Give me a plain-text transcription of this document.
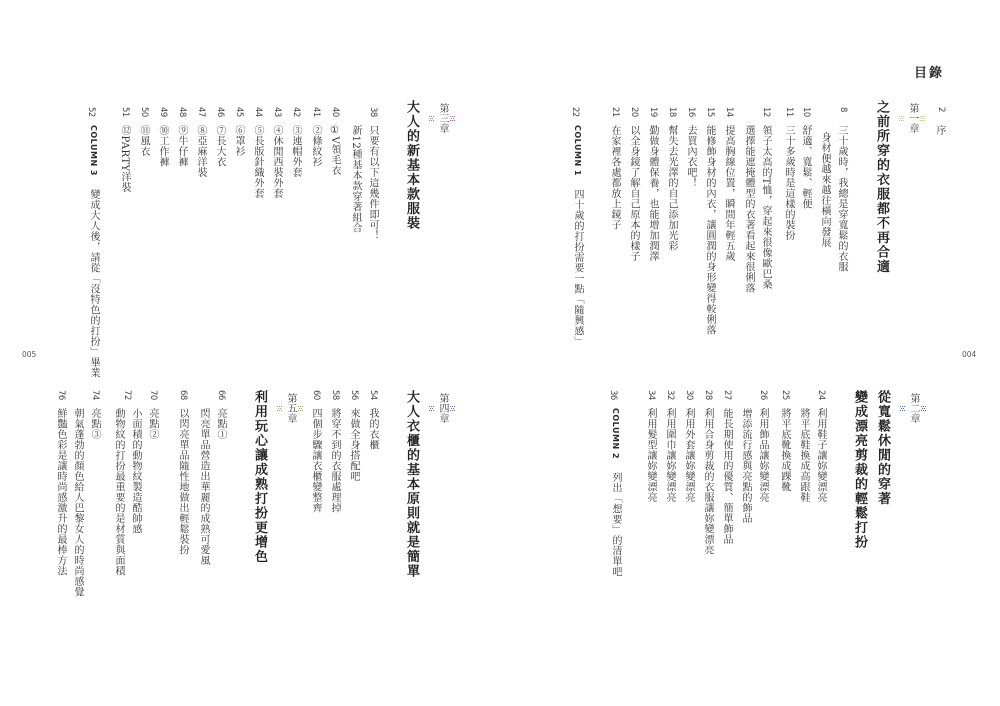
目錄
004
2
序
第一章
之前所穿的衣服都不再合適
8
三十歲時，我總是穿寬鬆的衣服
身材便越來越往橫向發展
10
舒適、寬鬆、輕便
11
三十多歲時是這樣的裝扮
12
領子太高的T恤，穿起來很像歐巴桑
選擇能遮掩體型的衣著看起來很俐落
14
提高胸線位置，瞬間年輕五歲
15
能修飾身材的內衣，讓圓潤的身形變得較俐落
16
去買內衣吧！
18
幫失去光澤的自己添加光彩
19
勤做身體保養，也能增加潤澤
20
以全身鏡了解自己原本的樣子
21
在家裡各處都放上鏡子
22
COLUMN 1 四十歲的打扮需要一點「隨興感」
第二章
從寬鬆休閒的穿著
變成漂亮剪裁的輕鬆打扮
24
利用鞋子讓妳變漂亮
將平底鞋換成高跟鞋
25
將平底靴換成踝靴
26
利用飾品讓妳變漂亮
增添流行感與亮點的飾品
27
能長期使用的優質、簡單飾品
28
利用合身剪裁的衣服讓妳變漂亮
30
利用外套讓妳變漂亮
32
利用圍巾讓妳變漂亮
34
利用髮型讓妳變漂亮
36
COLUMN 2 列出「想要」的清單吧
005
第三章
大人的新基本款服裝
38
只要有以下這幾件即可！
新12種基本款穿著組合
40
①V領毛衣
41
②條紋衫
42
③連帽外套
43
④休閒西裝外套
44
⑤長版針織外套
45
⑥罩衫
46
⑦長大衣
47
⑧亞麻洋裝
48
⑨牛仔褲
49
⑩工作褲
50
⑪風衣
51
⑫PARTY洋裝
52
COLUMN 3 變成大人後，請從「沒特色的打扮」畢業
第四章
大人衣櫃的基本原則就是簡單
54
我的衣櫃
56
來做全身搭配吧
58
將穿不到的衣服處理掉
60
四個步驟讓衣櫃變整齊
第五章
利用玩心讓成熟打扮更增色
66
亮點①
閃亮單品營造出華麗的成熟可愛風
68
以閃亮單品隨性地做出輕鬆裝扮
70
亮點②
小面積的動物紋製造酷帥感
72
動物紋的打扮最重要的是材質與面積
74
亮點③
朝氣蓬勃的顏色給人巴黎女人的時尚感覺
76
鮮豔色彩是讓時尚感激升的最棒方法
